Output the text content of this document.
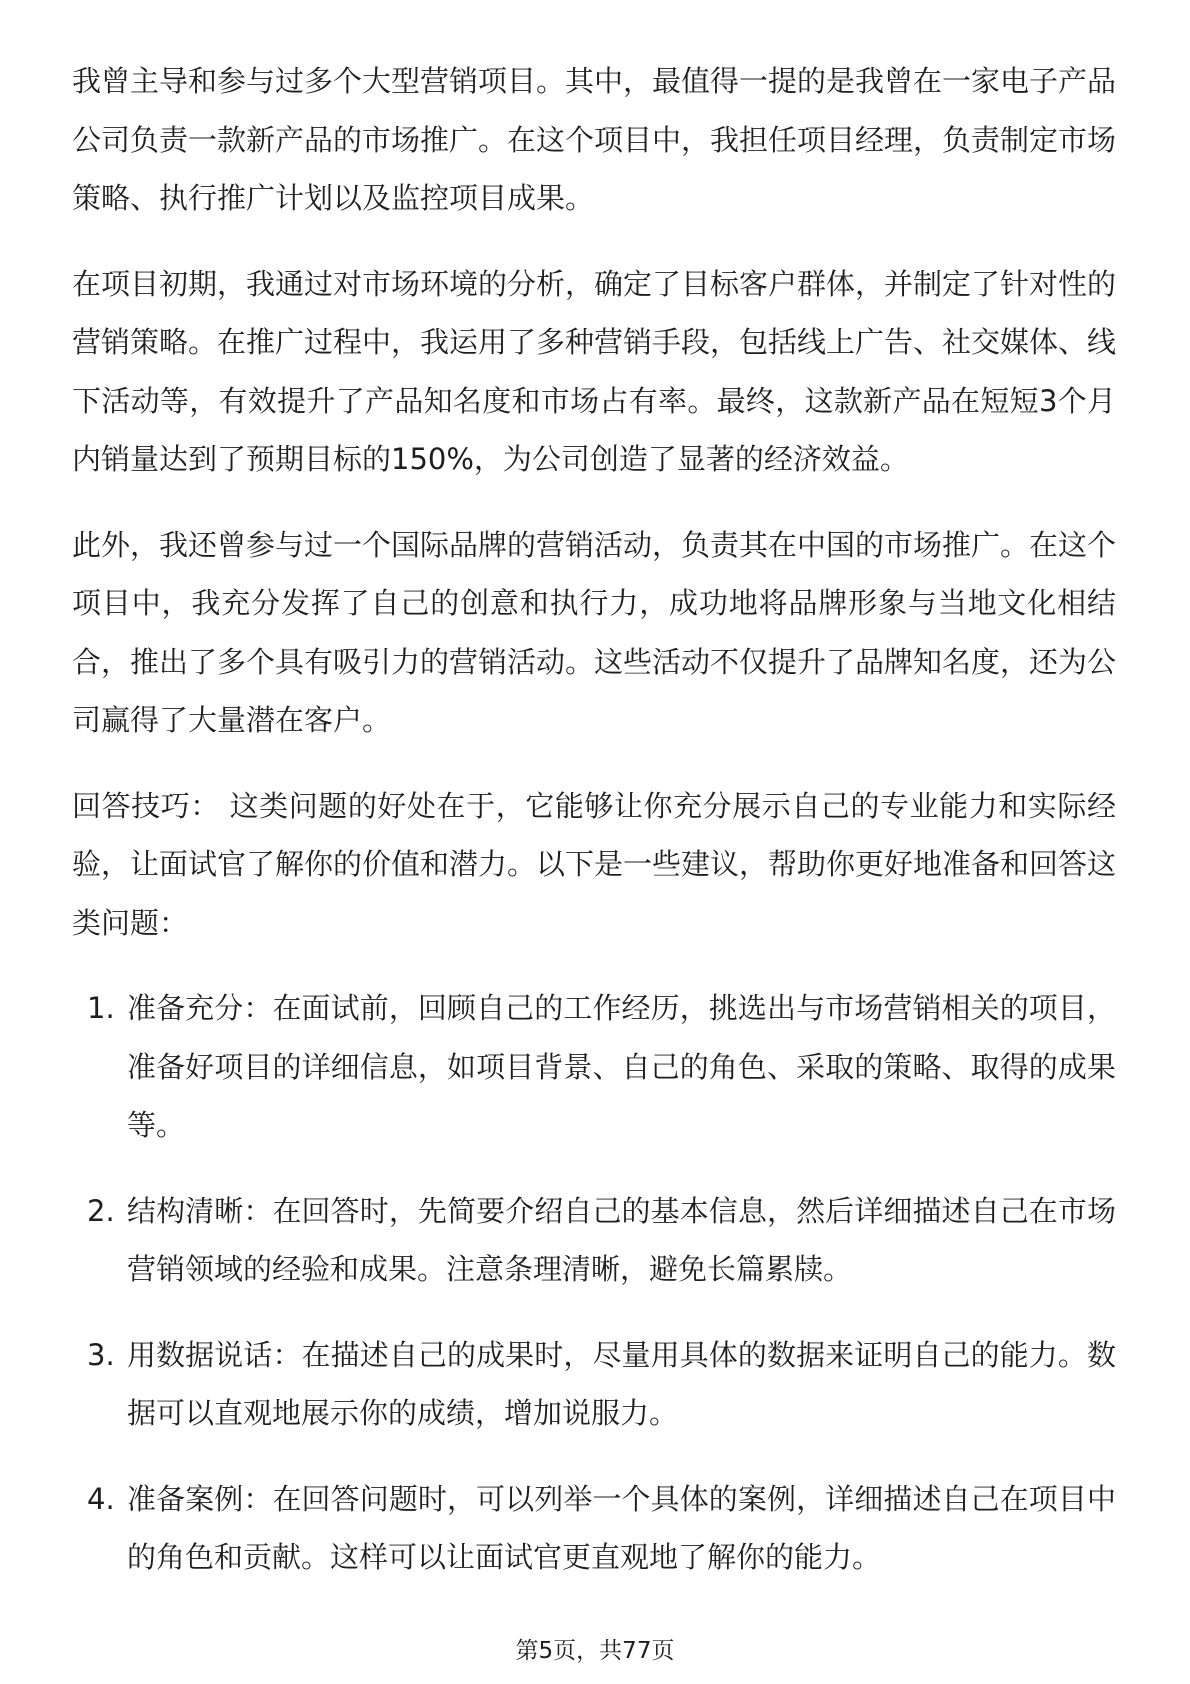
我曾主导和参与过多个大型营销项目。其中，最值得一提的是我曾在一家电子产品
公司负责一款新产品的市场推广。在这个项目中，我担任项目经理，负责制定市场
策略、执行推广计划以及监控项目成果。
在项目初期，我通过对市场环境的分析，确定了目标客户群体，并制定了针对性的
营销策略。在推广过程中，我运用了多种营销手段，包括线上广告、社交媒体、线
下活动等，有效提升了产品知名度和市场占有率。最终，这款新产品在短短3个月
内销量达到了预期目标的150%，为公司创造了显著的经济效益。
此外，我还曾参与过一个国际品牌的营销活动，负责其在中国的市场推广。在这个
项目中，我充分发挥了自己的创意和执行力，成功地将品牌形象与当地文化相结
合，推出了多个具有吸引力的营销活动。这些活动不仅提升了品牌知名度，还为公
司赢得了大量潜在客户。
回答技巧： 这类问题的好处在于，它能够让你充分展示自己的专业能力和实际经
验，让面试官了解你的价值和潜力。以下是一些建议，帮助你更好地准备和回答这
类问题：
1. 准备充分：在面试前，回顾自己的工作经历，挑选出与市场营销相关的项目，
准备好项目的详细信息，如项目背景、自己的角色、采取的策略、取得的成果
等。
2. 结构清晰：在回答时，先简要介绍自己的基本信息，然后详细描述自己在市场
营销领域的经验和成果。注意条理清晰，避免长篇累牍。
3. 用数据说话：在描述自己的成果时，尽量用具体的数据来证明自己的能力。数
据可以直观地展示你的成绩，增加说服力。
4. 准备案例：在回答问题时，可以列举一个具体的案例，详细描述自己在项目中
的角色和贡献。这样可以让面试官更直观地了解你的能力。
第5页，共77页
